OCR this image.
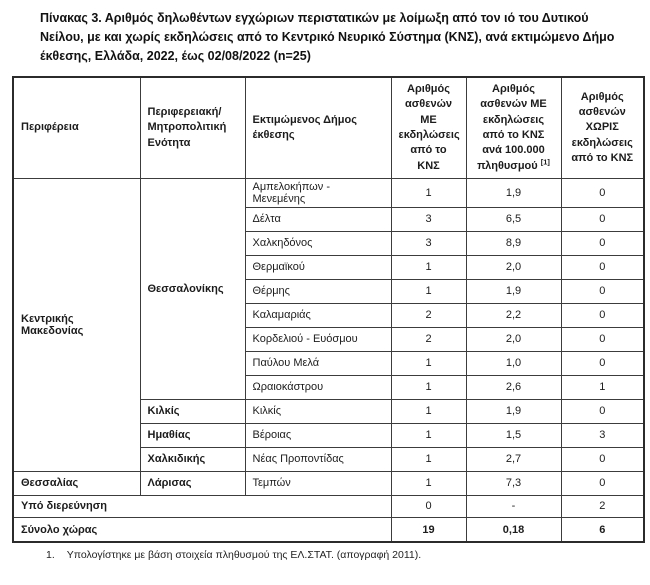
Πίνακας 3. Αριθμός δηλωθέντων εγχώριων περιστατικών με λοίμωξη από τον ιό του Δυτικού Νείλου, με και χωρίς εκδηλώσεις από το Κεντρικό Νευρικό Σύστημα (ΚΝΣ), ανά εκτιμώμενο Δήμο έκθεσης, Ελλάδα, 2022, έως 02/08/2022 (n=25)

Περιφέρεια	Περιφερειακή/ Μητροπολιτική Ενότητα	Εκτιμώμενος Δήμος έκθεσης	Αριθμός ασθενών ΜΕ εκδηλώσεις από το ΚΝΣ	Αριθμός ασθενών ΜΕ εκδηλώσεις από το ΚΝΣ ανά 100.000 πληθυσμού [1]	Αριθμός ασθενών ΧΩΡΙΣ εκδηλώσεις από το ΚΝΣ
Κεντρικής Μακεδονίας	Θεσσαλονίκης	Αμπελοκήπων - Μενεμένης	1	1,9	0
		Δέλτα	3	6,5	0
		Χαλκηδόνος	3	8,9	0
		Θερμαϊκού	1	2,0	0
		Θέρμης	1	1,9	0
		Καλαμαριάς	2	2,2	0
		Κορδελιού - Ευόσμου	2	2,0	0
		Παύλου Μελά	1	1,0	0
		Ωραιοκάστρου	1	2,6	1
	Κιλκίς	Κιλκίς	1	1,9	0
	Ημαθίας	Βέροιας	1	1,5	3
	Χαλκιδικής	Νέας Προποντίδας	1	2,7	0
Θεσσαλίας	Λάρισας	Τεμπών	1	7,3	0
Υπό διερεύνηση			0	-	2
Σύνολο χώρας			19	0,18	6

1. Υπολογίστηκε με βάση στοιχεία πληθυσμού της ΕΛ.ΣΤΑΤ. (απογραφή 2011).
